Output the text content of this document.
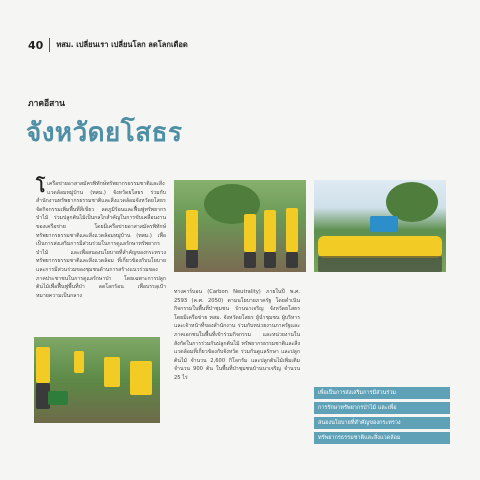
40 ทสม. เปลี่ยนเรา เปลี่ยนโลก ลดโลกเดือด
ภาคอีสาน
จังหวัดยโสธร
โ เครือข่ายอาสาสมัครพิทักษ์ทรัพยากรธรรมชาติและสิ่งแวดล้อมหมู่บ้าน (ทสม.) จังหวัดยโสธร ร่วมกับสำนักงานทรัพยากรธรรมชาติและสิ่งแวดล้อมจังหวัดยโสธร จัดกิจกรรมเพิ่มพื้นที่สีเขียว ลดภูมิร้อนและฟื้นฟูทรัพยากรป่าไม้ ร่วมปลูกต้นไม้เป็นกลไกสำคัญในการขับเคลื่อนงานของเครือข่าย โดยมีเครือข่ายอาสาสมัครพิทักษ์ทรัพยากรธรรมชาติและสิ่งแวดล้อมหมู่บ้าน (ทสม.) เพื่อเป็นการส่งเสริมการมีส่วนร่วมในการดูแลรักษาทรัพยากรป่าไม้ และเพื่อสนองนโยบายที่สำคัญของกระทรวงทรัพยากรธรรมชาติและสิ่งแวดล้อม ที่เกี่ยวข้องกับนโยบายและการมีส่วนร่วมของชุมชนด้านการสร้างแนวร่วมของภาคประชาชนในการดูแลรักษาป่า โดยเฉพาะการปลูกต้นไม้เพื่อฟื้นฟูพื้นที่ป่า ลดโลกร้อน เพื่อบรรลุเป้าหมายความเป็นกลาง
ทางคาร์บอน (Carbon Neutrality) ภายในปี พ.ศ. 2593 (ค.ศ. 2050) ตามนโยบายภาครัฐ โดยดำเนินกิจกรรมในพื้นที่ป่าชุมชน บ้านนาเจริญ จังหวัดยโสธร โดยมีเครือข่าย ทสม. จังหวัดยโสธร ผู้นำชุมชน ผู้บริหารและเจ้าหน้าที่ของสำนักงาน ร่วมกับหน่วยงานภาครัฐและภาคเอกชนในพื้นที่เข้าร่วมกิจกรรม และหน่วยงานในสังกัดในการร่วมกันปลูกต้นไม้ ทรัพยากรธรรมชาติและสิ่งแวดล้อมที่เกี่ยวข้องกับจังหวัด ร่วมกันดูแลรักษา และปลูกต้นไม้ จำนวน 2,600 กิโลกรัม และปลูกต้นไม้เพิ่มเติม จำนวน 900 ต้น ในพื้นที่ป่าชุมชนบ้านนาเจริญ จำนวน 25 ไร่
เพื่อเป็นการส่งเสริมการมีส่วนร่วม
การรักษาทรัพยากรป่าไม้ และเพื่อ
สนองนโยบายที่สำคัญของกระทรวง
ทรัพยากรธรรมชาติและสิ่งแวดล้อม
